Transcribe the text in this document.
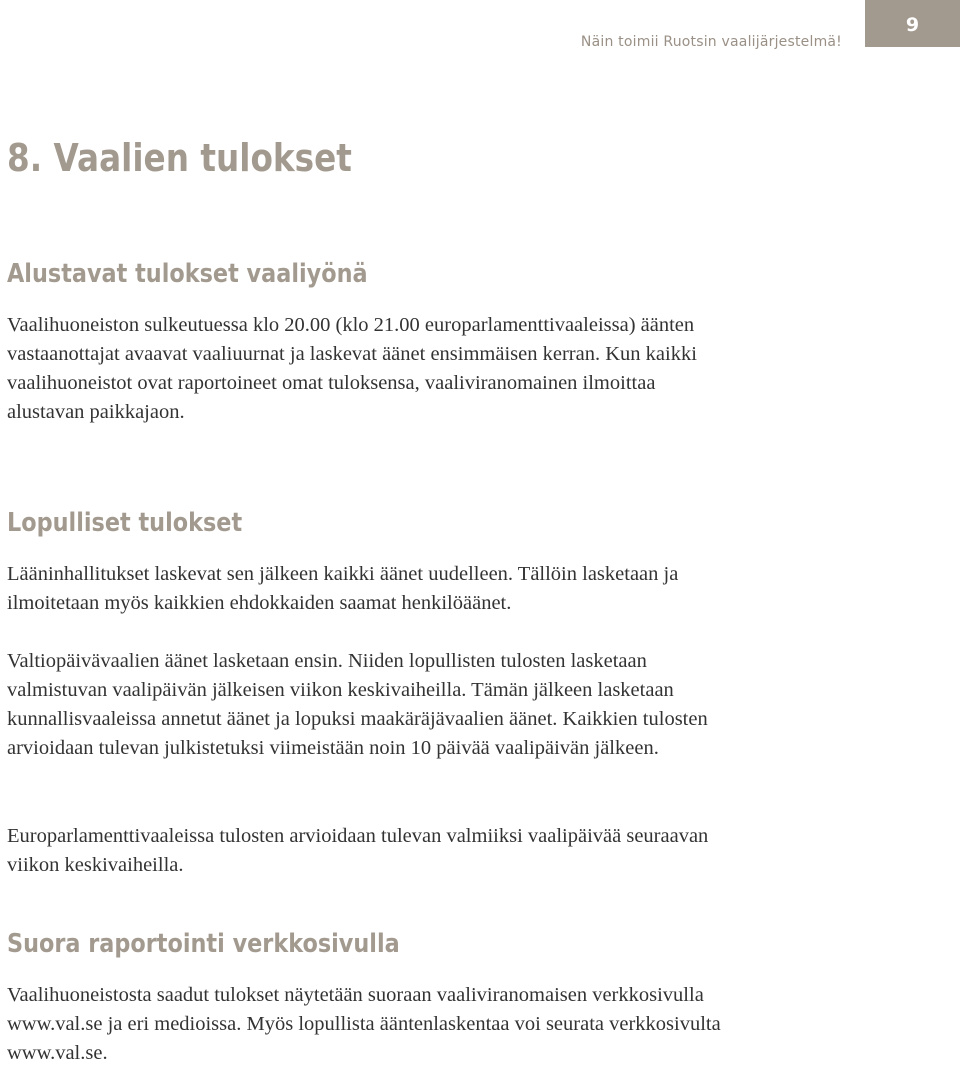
Näin toimii Ruotsin vaalijärjestelmä!
9
8. Vaalien tulokset
Alustavat tulokset vaaliyönä

Vaalihuoneiston sulkeutuessa klo 20.00 (klo 21.00 europarlamenttivaaleissa) äänten vastaanottajat avaavat vaaliuurnat ja laskevat äänet ensimmäisen kerran. Kun kaikki vaalihuoneistot ovat raportoineet omat tuloksensa, vaaliviranomainen ilmoittaa alustavan paikkajaon.

Lopulliset tulokset

Lääninhallitukset laskevat sen jälkeen kaikki äänet uudelleen. Tällöin lasketaan ja ilmoitetaan myös kaikkien ehdokkaiden saamat henkilöäänet.

Valtiopäivävaalien äänet lasketaan ensin. Niiden lopullisten tulosten lasketaan valmistuvan vaalipäivän jälkeisen viikon keskivaiheilla. Tämän jälkeen lasketaan kunnallisvaaleissa annetut äänet ja lopuksi maakäräjävaalien äänet. Kaikkien tulosten arvioidaan tulevan julkistetuksi viimeistään noin 10 päivää vaalipäivän jälkeen.

Europarlamenttivaaleissa tulosten arvioidaan tulevan valmiiksi vaalipäivää seuraavan viikon keskivaiheilla.

Suora raportointi verkkosivulla

Vaalihuoneistosta saadut tulokset näytetään suoraan vaaliviranomaisen verkkosivulla www.val.se ja eri medioissa. Myös lopullista ääntenlaskentaa voi seurata verkkosivulta www.val.se.
